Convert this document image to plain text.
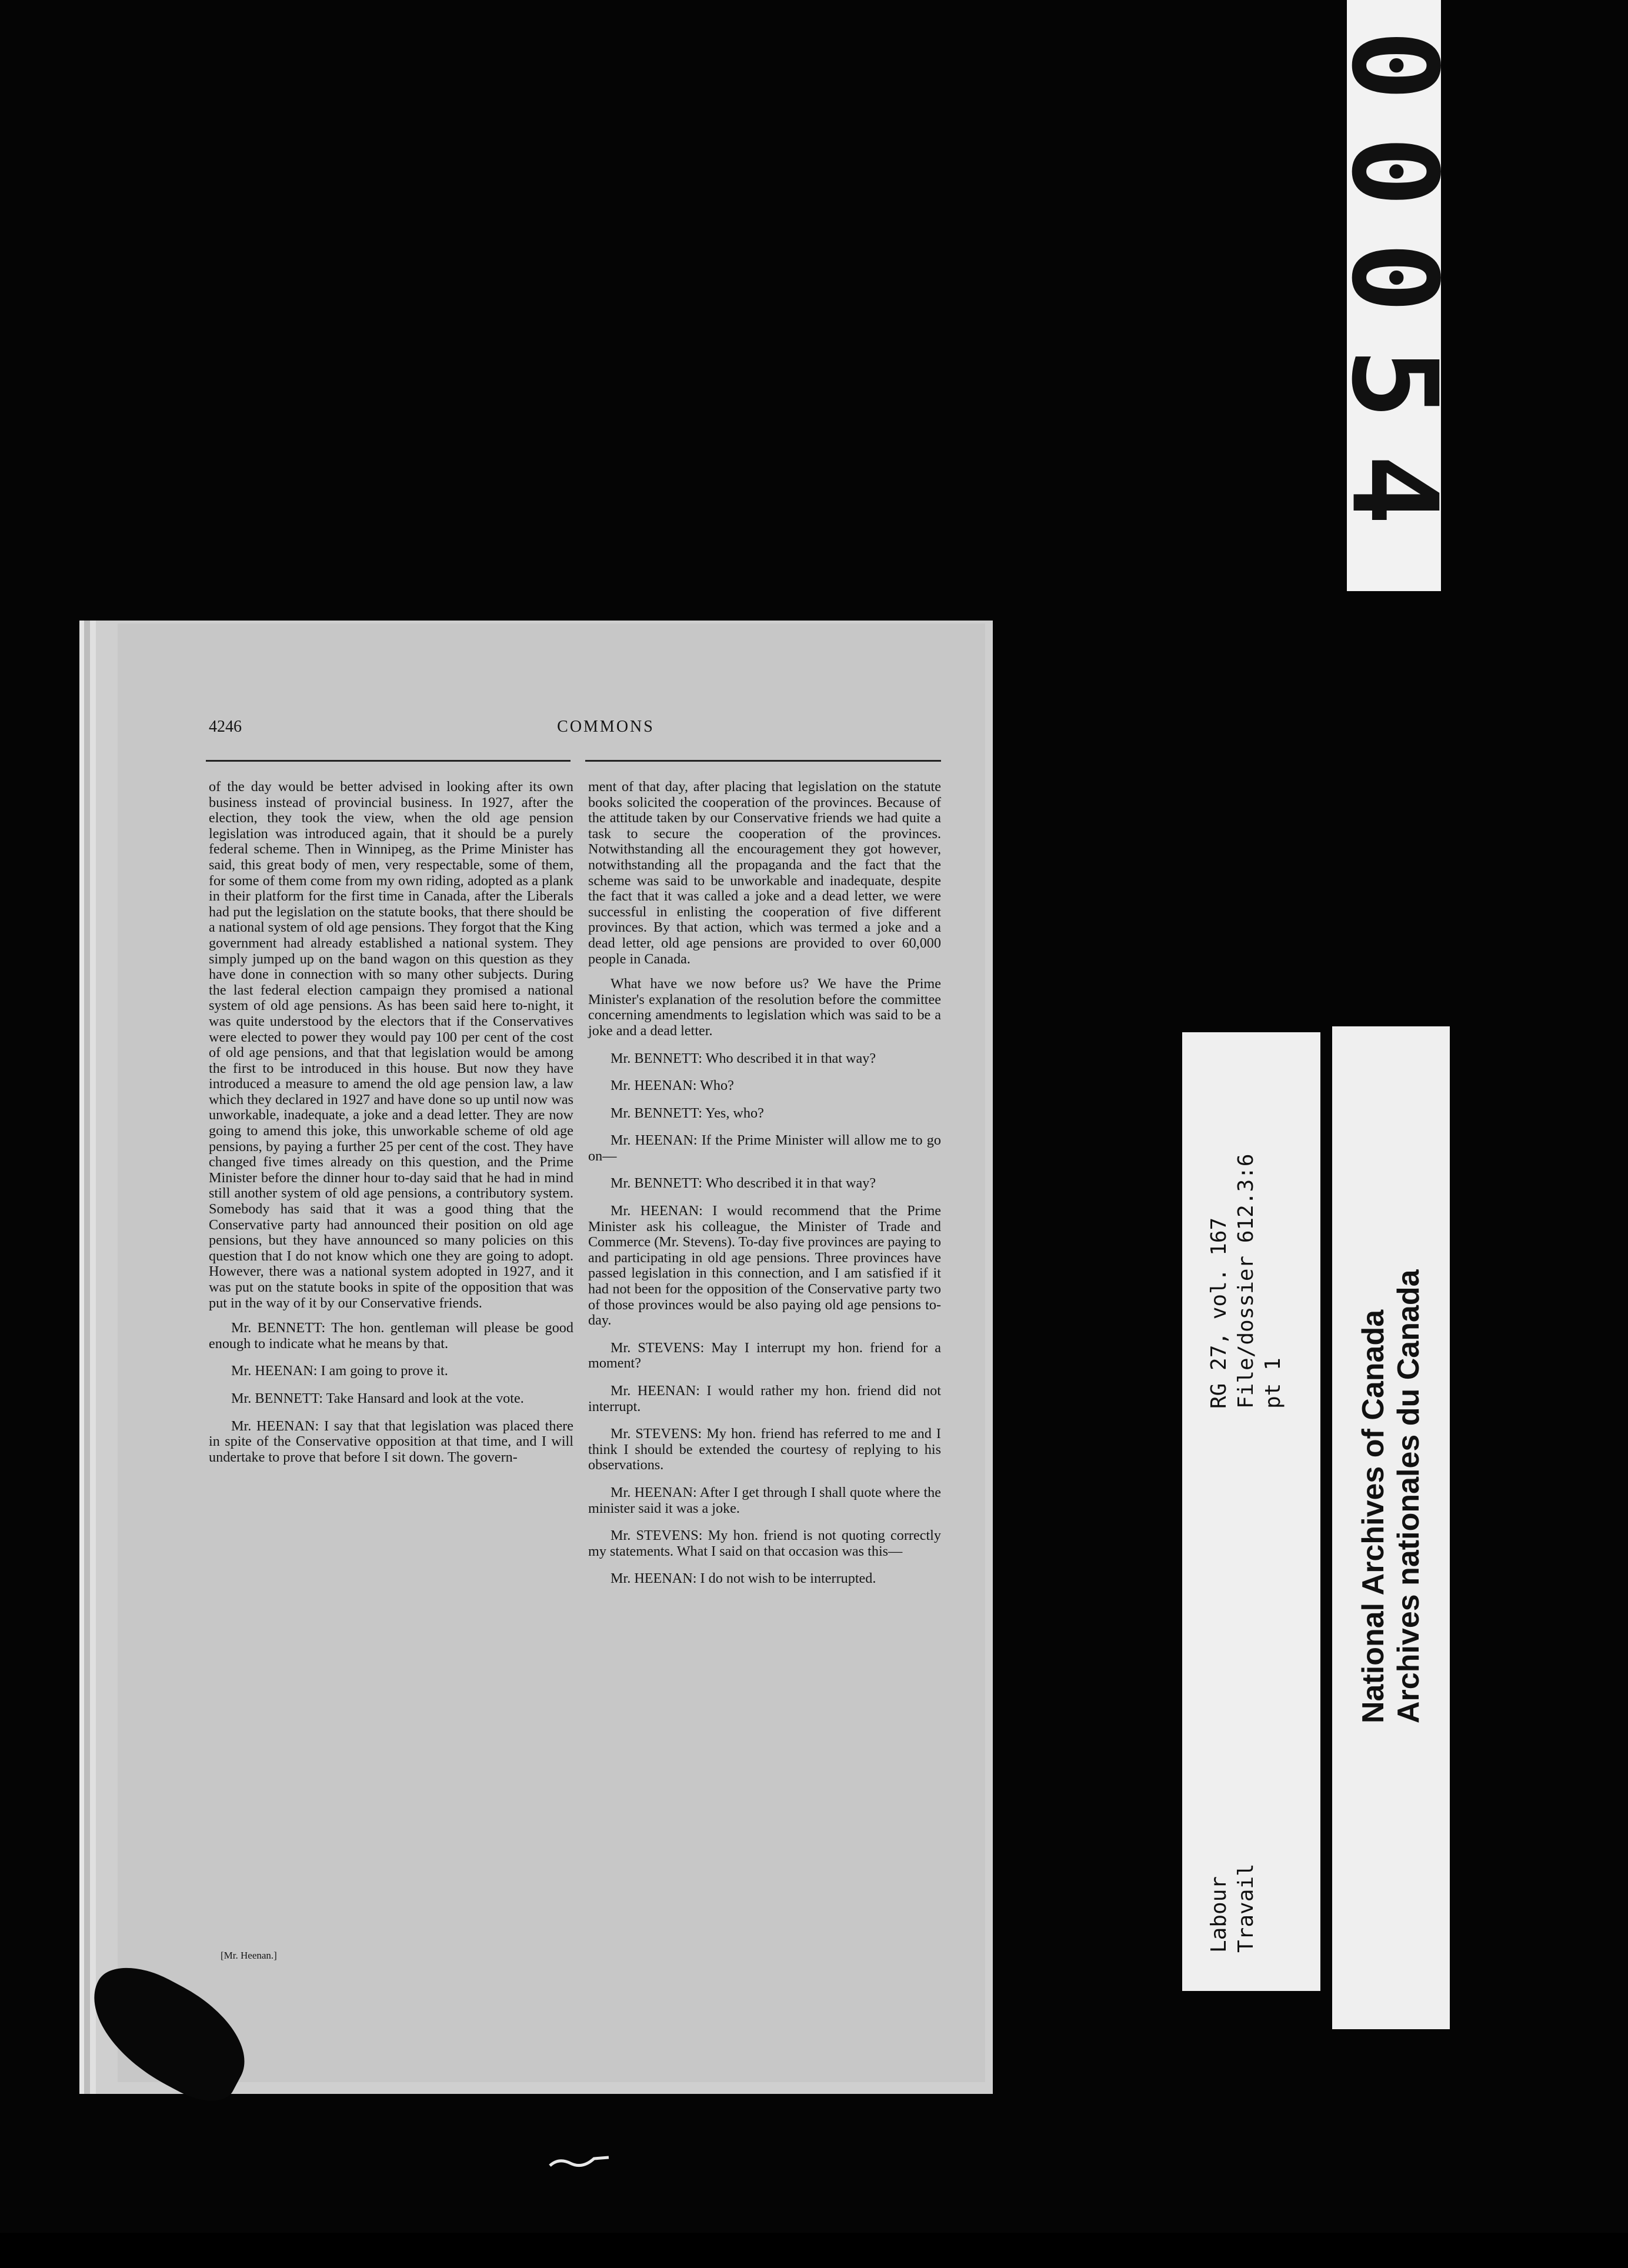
00054
4246	COMMONS

of the day would be better advised in looking after its own business instead of provincial business. In 1927, after the election, they took the view, when the old age pension legislation was introduced again, that it should be a purely federal scheme. Then in Winnipeg, as the Prime Minister has said, this great body of men, very respectable, some of them, for some of them come from my own riding, adopted as a plank in their platform for the first time in Canada, after the Liberals had put the legislation on the statute books, that there should be a national system of old age pensions. They forgot that the King government had already established a national system. They simply jumped up on the band wagon on this question as they have done in connection with so many other subjects. During the last federal election campaign they promised a national system of old age pensions. As has been said here to-night, it was quite understood by the electors that if the Conservatives were elected to power they would pay 100 per cent of the cost of old age pensions, and that that legislation would be among the first to be introduced in this house. But now they have introduced a measure to amend the old age pension law, a law which they declared in 1927 and have done so up until now was unworkable, inadequate, a joke and a dead letter. They are now going to amend this joke, this unworkable scheme of old age pensions, by paying a further 25 per cent of the cost. They have changed five times already on this question, and the Prime Minister before the dinner hour to-day said that he had in mind still another system of old age pensions, a contributory system. Somebody has said that it was a good thing that the Conservative party had announced their position on old age pensions, but they have announced so many policies on this question that I do not know which one they are going to adopt. However, there was a national system adopted in 1927, and it was put on the statute books in spite of the opposition that was put in the way of it by our Conservative friends.

Mr. BENNETT: The hon. gentleman will please be good enough to indicate what he means by that.

Mr. HEENAN: I am going to prove it.

Mr. BENNETT: Take Hansard and look at the vote.

Mr. HEENAN: I say that that legislation was placed there in spite of the Conservative opposition at that time, and I will undertake to prove that before I sit down. The govern-

ment of that day, after placing that legislation on the statute books solicited the cooperation of the provinces. Because of the attitude taken by our Conservative friends we had quite a task to secure the cooperation of the provinces. Notwithstanding all the encouragement they got however, notwithstanding all the propaganda and the fact that the scheme was said to be unworkable and inadequate, despite the fact that it was called a joke and a dead letter, we were successful in enlisting the cooperation of five different provinces. By that action, which was termed a joke and a dead letter, old age pensions are provided to over 60,000 people in Canada.

What have we now before us? We have the Prime Minister's explanation of the resolution before the committee concerning amendments to legislation which was said to be a joke and a dead letter.

Mr. BENNETT: Who described it in that way?

Mr. HEENAN: Who?

Mr. BENNETT: Yes, who?

Mr. HEENAN: If the Prime Minister will allow me to go on—

Mr. BENNETT: Who described it in that way?

Mr. HEENAN: I would recommend that the Prime Minister ask his colleague, the Minister of Trade and Commerce (Mr. Stevens). To-day five provinces are paying to and participating in old age pensions. Three provinces have passed legislation in this connection, and I am satisfied if it had not been for the opposition of the Conservative party two of those provinces would be also paying old age pensions to-day.

Mr. STEVENS: May I interrupt my hon. friend for a moment?

Mr. HEENAN: I would rather my hon. friend did not interrupt.

Mr. STEVENS: My hon. friend has referred to me and I think I should be extended the courtesy of replying to his observations.

Mr. HEENAN: After I get through I shall quote where the minister said it was a joke.

Mr. STEVENS: My hon. friend is not quoting correctly my statements. What I said on that occasion was this—

Mr. HEENAN: I do not wish to be interrupted.

[Mr. Heenan.]
RG 27, vol. 167 File/dossier 612.3:6 pt 1
Labour Travail
National Archives of Canada Archives nationales du Canada
